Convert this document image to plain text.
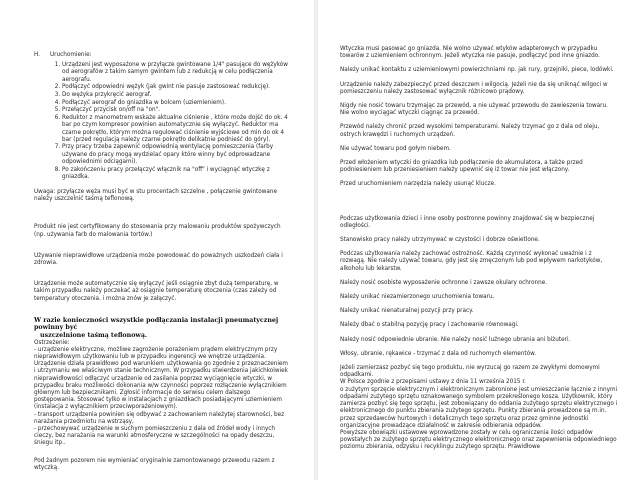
H.	Uruchomienie:
1. Urządzeni jest wyposażone w przyłącze gwintowane 1/4" pasujące do wężyków od aerografów z takim samym gwintem lub z redukcją w celu podłączenia aerografu.
2. Podłączyć odpowiedni wężyk (jak gwint nie pasuje zastosować redukcję).
3. Do wężyka przykręcić aerograf.
4. Podłączyć aerograf do gniazdka w bolcem (uziemieniem).
5. Przełączyć przycisk on/off na "on".
6. Reduktor z manometrem wskaże aktualne ciśnienie , które może dojść do ok. 4 bar po czym kompresor powinien automatycznie się wyłączyć. Reduktor ma czarne pokrętło, którym można regulować ciśnienie wyjściowe od min do ok 4 bar (przed regulacją należy czarne pokrętło delikatnie podnieść do góry).
7. Przy pracy trzeba zapewnić odpowiednią wentylację pomieszczenia (farby używane do pracy mogą wydzielać opary które winny być odprowadzane odpowiednimi odciągami).
8. Po zakończeniu pracy przełączyć włącznik na "off" i wyciągnąć wtyczkę z gniazdka.

Uwaga: przyłącze węża musi być w stu procentach szczelne , połączenie gwintowane należy uszczelnić taśmą teflonową.

Produkt nie jest certyfikowany do stosowania przy malowaniu produktów spożywczych (np. używania farb do malowania tortów.)

Używanie nieprawidłowe urządzenia może powodować do poważnych uszkodzeń ciała i zdrowia.

Urządzenie może automatycznie się wyłączyć jeśli osiągnie zbyt dużą temperaturę, w takim przypadku należy poczekać aż osiągnie temperaturę otoczenia (czas zależy od temperatury otoczenia. i można znów je załączyć.

W razie konieczności wszystkie podłączania instalacji pneumatycznej powinny być
uszczelnione taśmą teflonową.

Ostrzeżenie:

- urządzenie elektryczne, możliwe zagrożenie porażeniem prądem elektrycznym przy nieprawidłowym użytkowaniu lub w przypadku ingerencji we wnętrze urządzenia.

Urządzenie działa prawidłowo pod warunkiem użytkowania go zgodnie z przeznaczeniem i utrzymaniu we właściwym stanie technicznym. W przypadku stwierdzenia jakichkolwiek nieprawidłowości odłączyć urządzenie od zasilania poprzez wyciągnięcie wtyczki, w przypadku braku możliwości dokonania w/w czynności poprzez rozłączenie wyłącznikiem głównym lub bezpiecznikami. Zgłosić informacje do serwisu celem dalszego postępowania. Stosować tylko w instalacjach z gniazdkach posiadającymi uziemieniem (instalacja z wyłącznikiem przeciwporażeniowym).

- transport urządzenia powinien się odbywać z zachowaniem należytej starowności, bez narażania przedmiotu na wstrząsy,

- przechowywać urządzenie w suchym pomieszczeniu z dala od źródeł wody i innych cieczy, bez narażania na warunki atmosferyczne w szczególności na opady deszczu, śniegu itp..

Pod żadnym pozorem nie wymieniać oryginalnie zamontowanego przewodu razem z wtyczką.

Wtyczka musi pasować go gniazda. Nie wolno używać wtyków adapterowych w przypadku towarów z uziemieniem ochronnym. Jeżeli wtyczka nie pasuje, podłączyć pod inne gniazdo.

Należy unikać kontaktu z uziemieniowymi powierzchniami np. jak rury, grzejniki, piece, lodówki.

Urządzenie należy zabezpieczyć przed deszczem i wilgocią. Jeżeli nie da się uniknąć wilgoci w pomieszczeniu należy zastosować wyłącznik różnicowo prądowy.

Nigdy nie nosić towaru trzymając za przewód, a nie używać przewodu do zawieszenia towaru. Nie wolno wyciągać wtyczki ciągnąc za przewód.

Przewód należy chronić przed wysokimi temperaturami. Należy trzymać go z dala od oleju, ostrych krawędzi i ruchomych urządzeń.

Nie używać towaru pod gołym niebem.

Przed włożeniem wtyczki do gniazdka lub podłączenie do akumulatora, a także przed podniesieniem lub przeniesieniem należy upewnić się iż towar nie jest włączony.

Przed uruchomieniem narzędzia należy usunąć klucze.

Podczas użytkowania dzieci i inne osoby postronne powinny znajdować się w bezpiecznej odległości.

Stanowisko pracy należy utrzymywać w czystości i dobrze oświetlone.

Podczas użytkowania należy zachować ostrożność. Każdą czynność wykonać uważnie i z rozwagą. Nie należy używać towaru, gdy jest się zmęczonym lub pod wpływem narkotyków, alkoholu lub lekarstw.

Należy nosić osobiste wyposażenie ochronne i zawsze okulary ochronne.

Należy unikać niezamierzonego uruchomienia towaru.

Należy unikać nienaturalnej pozycji przy pracy.

Należy dbać o stabilną pozycję pracy i zachowanie równowagi.

Należy nosić odpowiednie ubranie. Nie należy nosić luźnego ubrania ani biżuteri.

Włosy, ubranie, rękawice - trzymać z dala od ruchomych elementów.

Jeżeli zamierzasz pozbyć się tego produktu, nie wyrzucaj go razem ze zwykłymi domowymi odpadkami.

W Polsce zgodnie z przepisami ustawy z dnia 11 września 2015 r.

o zużytym sprzęcie elektrycznym i elektronicznym zabronione jest umieszczanie łącznie z innymi odpadami zużytego sprzętu oznakowanego symbolem przekreślonego kosza. Użytkownik, który zamierza pozbyć się tego sprzętu, jest zobowiązany do oddania zużytego sprzętu elektrycznego i elektronicznego do punktu zbierania zużytego sprzętu. Punkty zbierania prowadzone są m.in. przez sprzedawców hurtowych i detalicznych tego sprzętu oraz przez gminne jednostki organizacyjne prowadzące działalność w zakresie odbierania odpadów.

Powyższe obowiązki ustawowe wprowadzone zostały w celu ograniczenia ilości odpadów powstałych ze zużytego sprzętu elektrycznego elektronicznego oraz zapewnienia odpowiedniego poziomu zbierania, odzysku i recyklingu zużytego sprzętu. Prawidłowe
